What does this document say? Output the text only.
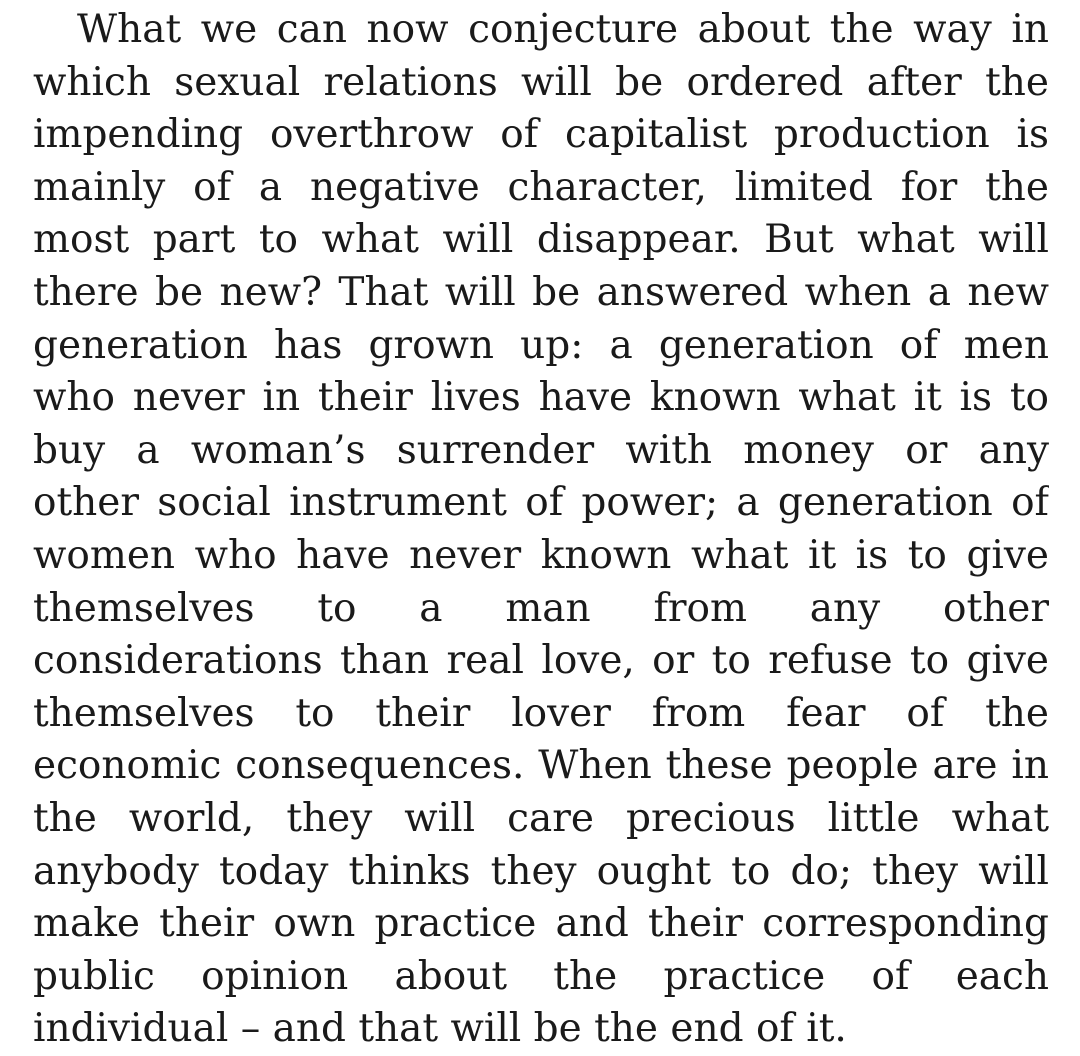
What we can now conjecture about the way in
which sexual relations will be ordered after the
impending overthrow of capitalist production is
mainly of a negative character, limited for the
most part to what will disappear. But what will
there be new? That will be answered when a new
generation has grown up: a generation of men
who never in their lives have known what it is to
buy a woman’s surrender with money or any
other social instrument of power; a generation of
women who have never known what it is to give
themselves to a man from any other
considerations than real love, or to refuse to give
themselves to their lover from fear of the
economic consequences. When these people are in
the world, they will care precious little what
anybody today thinks they ought to do; they will
make their own practice and their corresponding
public opinion about the practice of each
individual – and that will be the end of it.
